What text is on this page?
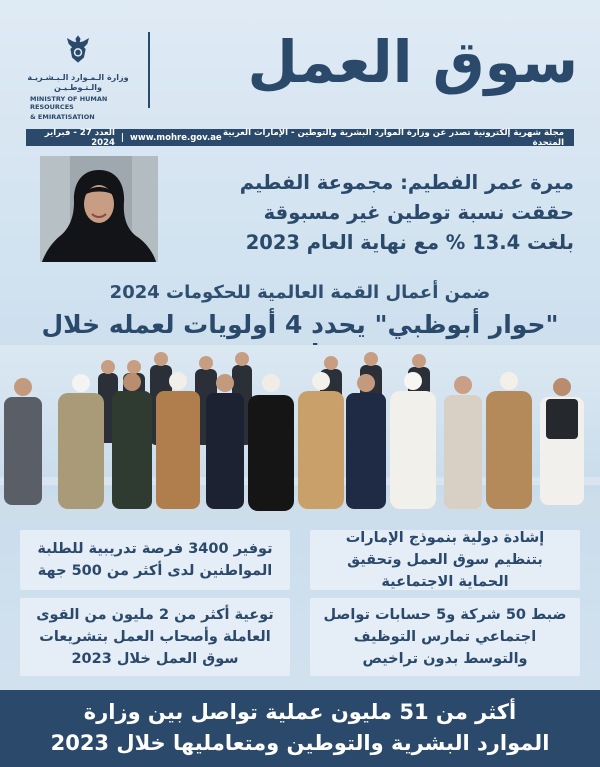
سوق العمل
وزارة الـمـوارد الـبـشـريـة
والـتـوطـيـن
MINISTRY OF HUMAN RESOURCES
& EMIRATISATION
مجلة شهرية إلكترونية تصدر عن وزارة الموارد البشرية والتوطين - الإمارات العربية المتحدة
www.mohre.gov.ae
|
العدد 27 - فبراير 2024
ميرة عمر الفطيم: مجموعة الفطيم
حققت نسبة توطين غير مسبوقة
بلغت 13.4 % مع نهاية العام 2023
ضمن أعمال القمة العالمية للحكومات 2024
"حوار أبوظبي" يحدد 4 أولويات لعمله خلال
توفير 3400 فرصة تدريبية للطلبة المواطنين لدى أكثر من 500 جهة
إشادة دولية بنموذج الإمارات بتنظيم سوق العمل وتحقيق الحماية الاجتماعية
توعية أكثر من 2 مليون من القوى العاملة وأصحاب العمل بتشريعات سوق العمل خلال 2023
ضبط 50 شركة و5 حسابات تواصل اجتماعي تمارس التوظيف والتوسط بدون تراخيص
أكثر من 51 مليون عملية تواصل بين وزارة
الموارد البشرية والتوطين ومتعامليها خلال 2023
